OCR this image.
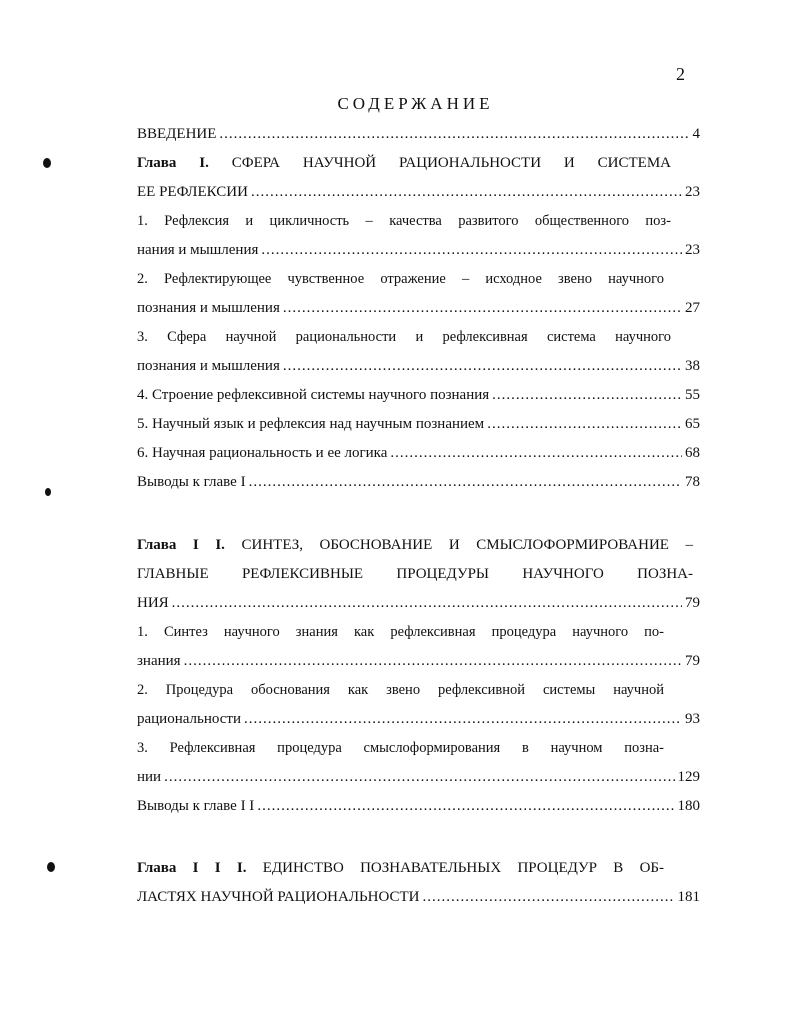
2
СОДЕРЖАНИЕ
ВВЕДЕНИЕ .....	4
Глава I. СФЕРА НАУЧНОЙ РАЦИОНАЛЬНОСТИ И СИСТЕМА
ЕЕ РЕФЛЕКСИИ .....	23
1. Рефлексия и цикличность – качества развитого общественного поз-
нания и мышления .....	23
2. Рефлектирующее чувственное отражение – исходное звено научного
познания и мышления .....	27
3. Сфера научной рациональности и рефлексивная система научного
познания и мышления .....	38
4. Строение рефлексивной системы научного познания .....	55
5. Научный язык и рефлексия над научным познанием .....	65
6. Научная рациональность и ее логика .....	68
Выводы к главе I .....	78
Глава I I. СИНТЕЗ, ОБОСНОВАНИЕ И СМЫСЛОФОРМИРОВАНИЕ –
ГЛАВНЫЕ РЕФЛЕКСИВНЫЕ ПРОЦЕДУРЫ НАУЧНОГО ПОЗНА-
НИЯ .....	79
1. Синтез научного знания как рефлексивная процедура научного по-
знания .....	79
2. Процедура обоснования как звено рефлексивной системы научной
рациональности .....	93
3. Рефлексивная процедура смыслоформирования в научном позна-
нии .....	129
Выводы к главе I I .....	180
Глава I I I. ЕДИНСТВО ПОЗНАВАТЕЛЬНЫХ ПРОЦЕДУР В ОБ-
ЛАСТЯХ НАУЧНОЙ РАЦИОНАЛЬНОСТИ .....	181
